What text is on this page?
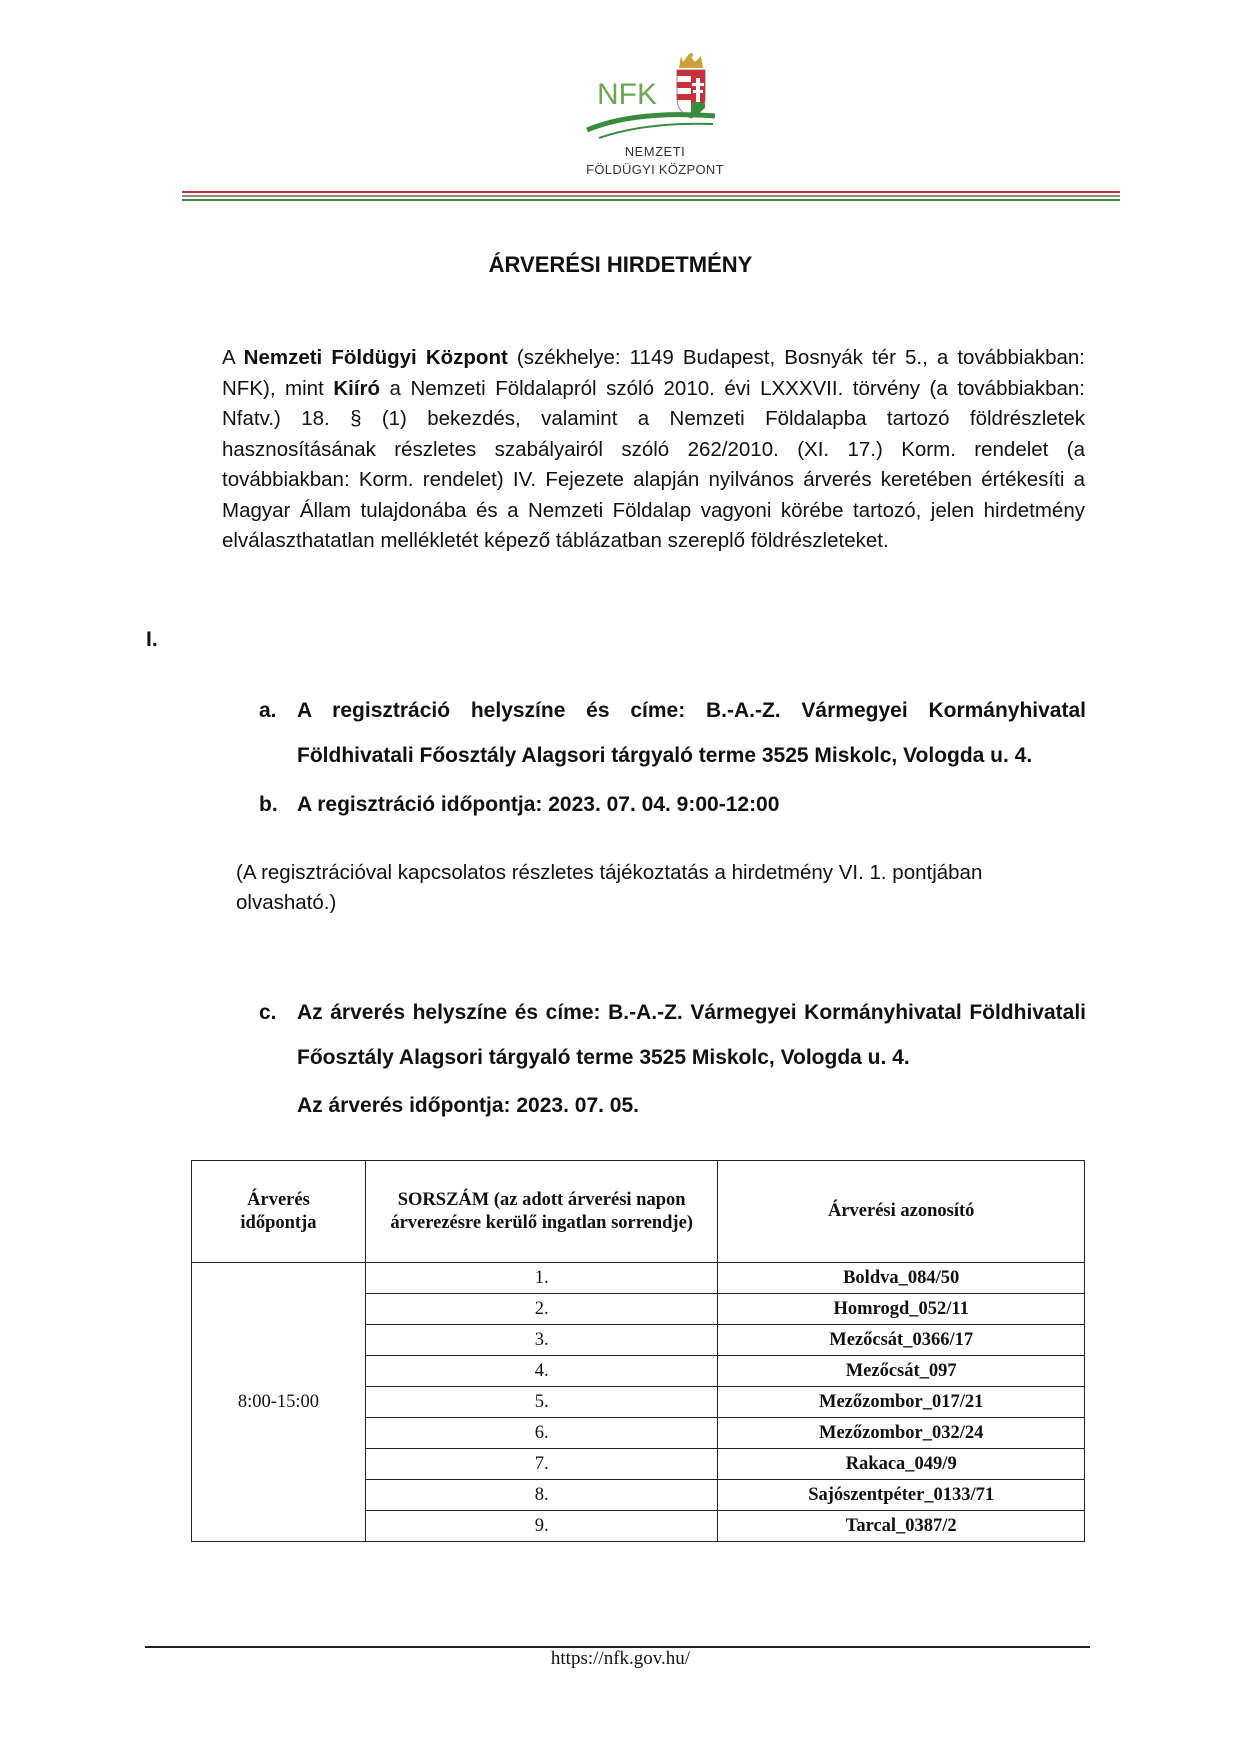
NFK
NEMZETI
FÖLDÜGYI KÖZPONT
ÁRVERÉSI HIRDETMÉNY
A Nemzeti Földügyi Központ (székhelye: 1149 Budapest, Bosnyák tér 5., a továbbiakban: NFK), mint Kiíró a Nemzeti Földalapról szóló 2010. évi LXXXVII. törvény (a továbbiakban: Nfatv.) 18. § (1) bekezdés, valamint a Nemzeti Földalapba tartozó földrészletek hasznosításának részletes szabályairól szóló 262/2010. (XI. 17.) Korm. rendelet (a továbbiakban: Korm. rendelet) IV. Fejezete alapján nyilvános árverés keretében értékesíti a Magyar Állam tulajdonába és a Nemzeti Földalap vagyoni körébe tartozó, jelen hirdetmény elválaszthatatlan mellékletét képező táblázatban szereplő földrészleteket.
I.
a. A regisztráció helyszíne és címe: B.-A.-Z. Vármegyei Kormányhivatal
Földhivatali Főosztály Alagsori tárgyaló terme 3525 Miskolc, Vologda u. 4.
b. A regisztráció időpontja: 2023. 07. 04. 9:00-12:00
(A regisztrációval kapcsolatos részletes tájékoztatás a hirdetmény VI. 1. pontjában olvasható.)
c. Az árverés helyszíne és címe: B.-A.-Z. Vármegyei Kormányhivatal Földhivatali
Főosztály Alagsori tárgyaló terme 3525 Miskolc, Vologda u. 4.
Az árverés időpontja: 2023. 07. 05.
Árverés időpontja	SORSZÁM (az adott árverési napon árverezésre kerülő ingatlan sorrendje)	Árverési azonosító
8:00-15:00	1.	Boldva_084/50
	2.	Homrogd_052/11
	3.	Mezőcsát_0366/17
	4.	Mezőcsát_097
	5.	Mezőzombor_017/21
	6.	Mezőzombor_032/24
	7.	Rakaca_049/9
	8.	Sajószentpéter_0133/71
	9.	Tarcal_0387/2
https://nfk.gov.hu/
